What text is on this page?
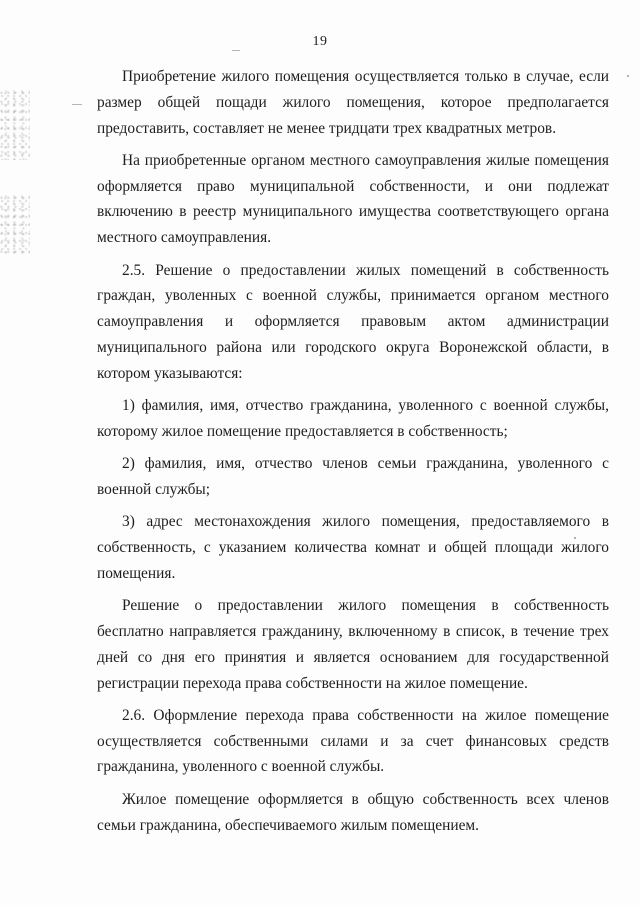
19

Приобретение жилого помещения осуществляется только в случае, если размер общей пощади жилого помещения, которое предполагается предоставить, составляет не менее тридцати трех квадратных метров.

На приобретенные органом местного самоуправления жилые помещения оформляется право муниципальной собственности, и они подлежат включению в реестр муниципального имущества соответствующего органа местного самоуправления.

2.5. Решение о предоставлении жилых помещений в собственность граждан, уволенных с военной службы, принимается органом местного самоуправления и оформляется правовым актом администрации муниципального района или городского округа Воронежской области, в котором указываются:

1) фамилия, имя, отчество гражданина, уволенного с военной службы, которому жилое помещение предоставляется в собственность;

2) фамилия, имя, отчество членов семьи гражданина, уволенного с военной службы;

3) адрес местонахождения жилого помещения, предоставляемого в собственность, с указанием количества комнат и общей площади жилого помещения.

Решение о предоставлении жилого помещения в собственность бесплатно направляется гражданину, включенному в список, в течение трех дней со дня его принятия и является основанием для государственной регистрации перехода права собственности на жилое помещение.

2.6. Оформление перехода права собственности на жилое помещение осуществляется собственными силами и за счет финансовых средств гражданина, уволенного с военной службы.

Жилое помещение оформляется в общую собственность всех членов семьи гражданина, обеспечиваемого жилым помещением.
